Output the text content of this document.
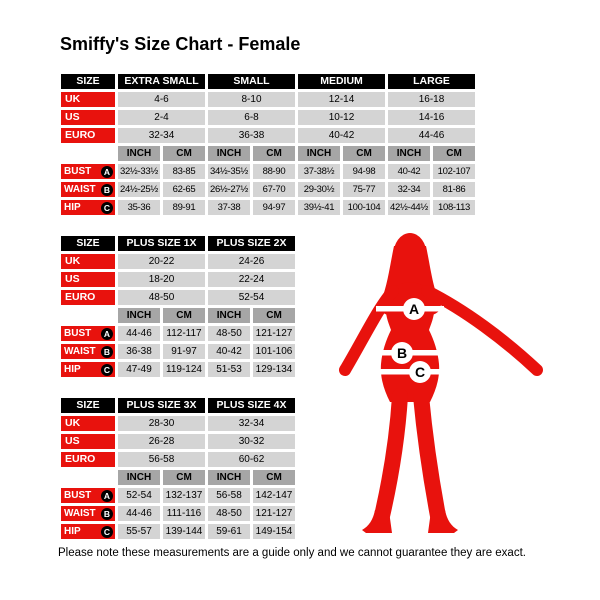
Smiffy's Size Chart - Female
SIZE	EXTRA SMALL		SMALL		MEDIUM		LARGE	
UK	4-6		8-10		12-14		16-18	
US	2-4		6-8		10-12		14-16	
EURO	32-34		36-38		40-42		44-46	
	INCH	CM	INCH	CM	INCH	CM	INCH	CM
BUST A	32½-33½	83-85	34½-35½	88-90	37-38½	94-98	40-42	102-107
WAIST B	24½-25½	62-65	26½-27½	67-70	29-30½	75-77	32-34	81-86
HIP C	35-36	89-91	37-38	94-97	39½-41	100-104	42½-44½	108-113
SIZE	PLUS SIZE 1X		PLUS SIZE 2X	
UK	20-22		24-26	
US	18-20		22-24	
EURO	48-50		52-54	
	INCH	CM	INCH	CM
BUST A	44-46	112-117	48-50	121-127
WAIST B	36-38	91-97	40-42	101-106
HIP C	47-49	119-124	51-53	129-134
SIZE	PLUS SIZE 3X		PLUS SIZE 4X	
UK	28-30		32-34	
US	26-28		30-32	
EURO	56-58		60-62	
	INCH	CM	INCH	CM
BUST A	52-54	132-137	56-58	142-147
WAIST B	44-46	111-116	48-50	121-127
HIP C	55-57	139-144	59-61	149-154
A
B
C
Please note these measurements are a guide only and we cannot guarantee they are exact.
